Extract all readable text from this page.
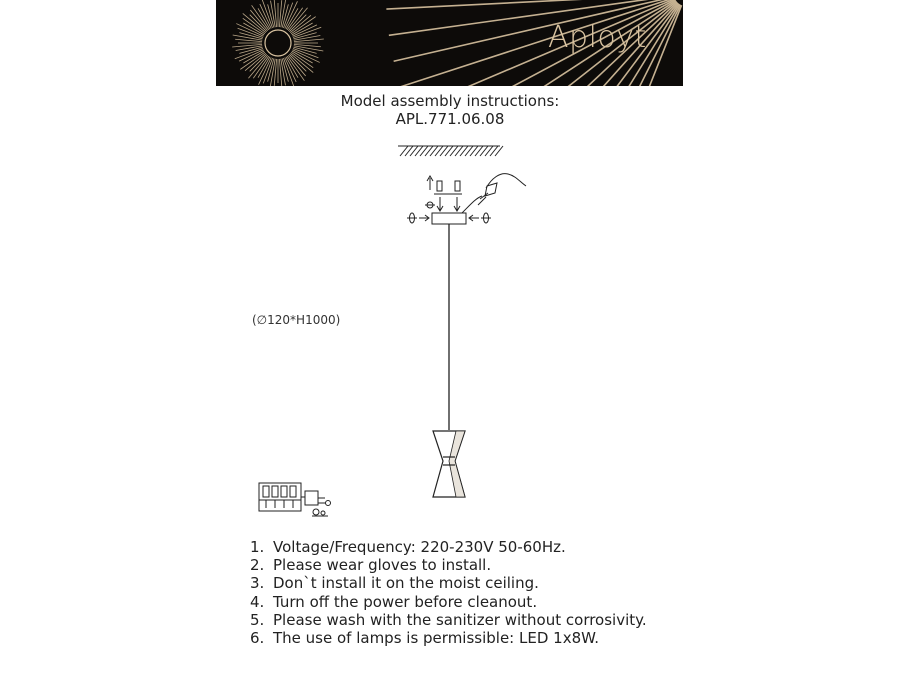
Aployt
Model assembly instructions:
APL.771.06.08
(∅120*H1000)
1. Voltage/Frequency: 220-230V 50-60Hz.
2. Please wear gloves to install.
3. Don`t install it on the moist ceiling.
4. Turn off the power before cleanout.
5. Please wash with the sanitizer without corrosivity.
6. The use of lamps is permissible: LED 1x8W.
